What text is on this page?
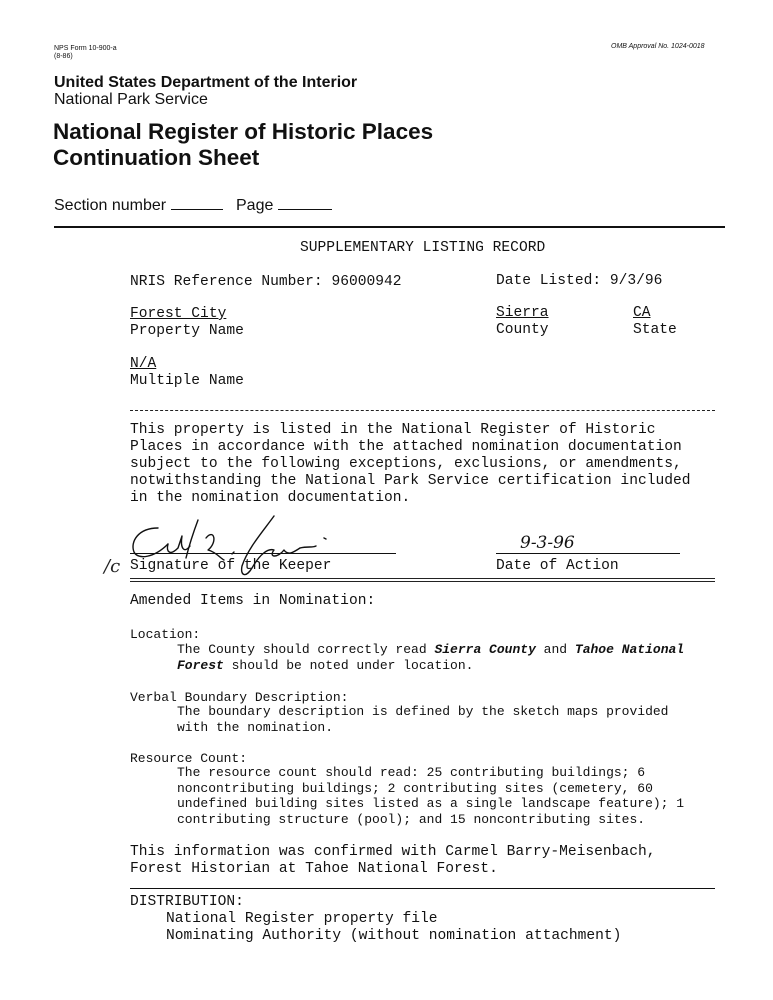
NPS Form 10-900-a
(8-86)
OMB Approval No. 1024-0018
United States Department of the Interior
National Park Service
National Register of Historic Places
Continuation Sheet
Section number	Page
SUPPLEMENTARY LISTING RECORD
NRIS Reference Number: 96000942	Date Listed: 9/3/96
Forest City
Property Name
Sierra
County
CA
State
N/A
Multiple Name
This property is listed in the National Register of Historic
Places in accordance with the attached nomination documentation
subject to the following exceptions, exclusions, or amendments,
notwithstanding the National Park Service certification included
in the nomination documentation.
Carol D. Shull
/c Signature of the Keeper
9-3-96
Date of Action
Amended Items in Nomination:
Location:
The County should correctly read Sierra County and Tahoe National
Forest should be noted under location.
Verbal Boundary Description:
The boundary description is defined by the sketch maps provided
with the nomination.
Resource Count:
The resource count should read: 25 contributing buildings; 6
noncontributing buildings; 2 contributing sites (cemetery, 60
undefined building sites listed as a single landscape feature); 1
contributing structure (pool); and 15 noncontributing sites.
This information was confirmed with Carmel Barry-Meisenbach,
Forest Historian at Tahoe National Forest.
DISTRIBUTION:
National Register property file
Nominating Authority (without nomination attachment)
